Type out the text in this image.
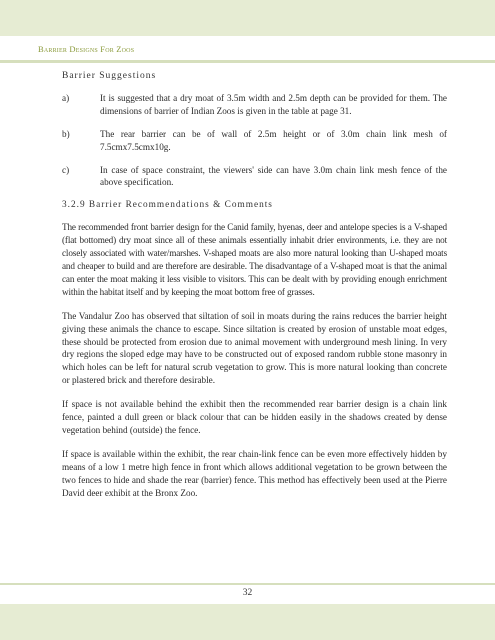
Barrier Designs For Zoos
Barrier Suggestions
a)	It is suggested that a dry moat of 3.5m width and 2.5m depth can be provided for them. The dimensions of barrier of Indian Zoos is given in the table at page 31.
b)	The rear barrier can be of wall of 2.5m height or of 3.0m chain link mesh of 7.5cmx7.5cmx10g.
c)	In case of space constraint, the viewers' side can have 3.0m chain link mesh fence of the above specification.
3.2.9 Barrier Recommendations & Comments

The recommended front barrier design for the Canid family, hyenas, deer and antelope species is a V-shaped (flat bottomed) dry moat since all of these animals essentially inhabit drier environments, i.e. they are not closely associated with water/marshes. V-shaped moats are also more natural looking than U-shaped moats and cheaper to build and are therefore are desirable. The disadvantage of a V-shaped moat is that the animal can enter the moat making it less visible to visitors. This can be dealt with by providing enough enrichment within the habitat itself and by keeping the moat bottom free of grasses.

The Vandalur Zoo has observed that siltation of soil in moats during the rains reduces the barrier height giving these animals the chance to escape. Since siltation is created by erosion of unstable moat edges, these should be protected from erosion due to animal movement with underground mesh lining. In very dry regions the sloped edge may have to be constructed out of exposed random rubble stone masonry in which holes can be left for natural scrub vegetation to grow. This is more natural looking than concrete or plastered brick and therefore desirable.

If space is not available behind the exhibit then the recommended rear barrier design is a chain link fence, painted a dull green or black colour that can be hidden easily in the shadows created by dense vegetation behind (outside) the fence.

If space is available within the exhibit, the rear chain-link fence can be even more effectively hidden by means of a low 1 metre high fence in front which allows additional vegetation to be grown between the two fences to hide and shade the rear (barrier) fence. This method has effectively been used at the Pierre David deer exhibit at the Bronx Zoo.

32
